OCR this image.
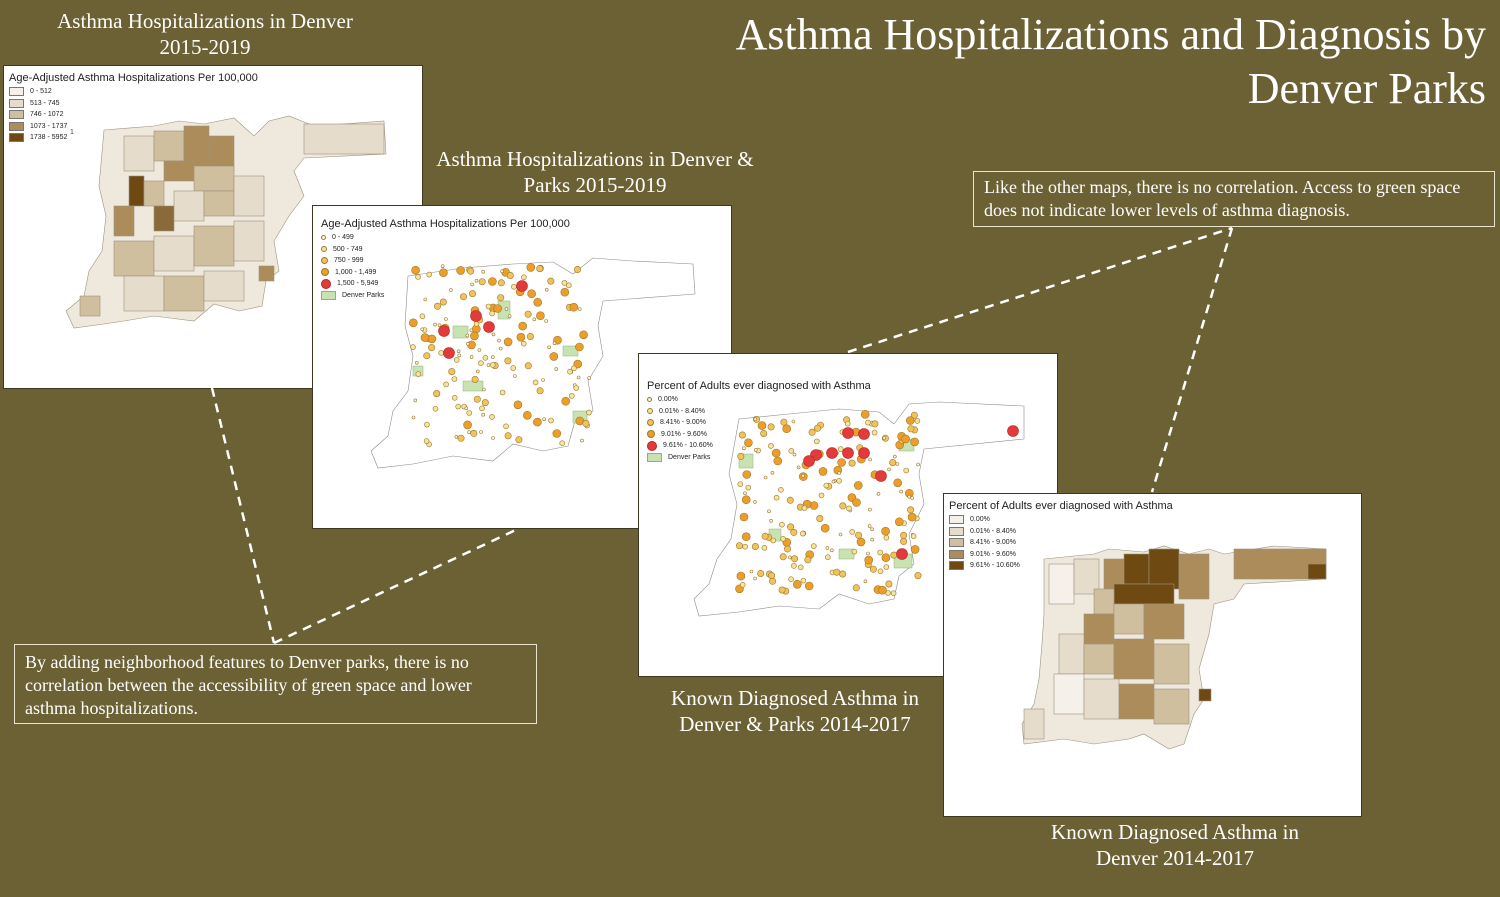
Asthma Hospitalizations and Diagnosis by Denver Parks
Asthma Hospitalizations in Denver 2015-2019
Asthma Hospitalizations in Denver & Parks 2015-2019
Known Diagnosed Asthma in Denver & Parks 2014-2017
Known Diagnosed Asthma in Denver 2014-2017
1
Age-Adjusted Asthma Hospitalizations Per 100,000
0 - 512
513 - 745
746 - 1072
1073 - 1737
1738 - 5952
Age-Adjusted Asthma Hospitalizations Per 100,000
0 - 499
500 - 749
750 - 999
1,000 - 1,499
1,500 - 5,949
Denver Parks
Percent of Adults ever diagnosed with Asthma
0.00%
0.01% - 8.40%
8.41% - 9.00%
9.01% - 9.60%
9.61% - 10.60%
Denver Parks
Percent of Adults ever diagnosed with Asthma
0.00%
0.01% - 8.40%
8.41% - 9.00%
9.01% - 9.60%
9.61% - 10.60%
By adding neighborhood features to Denver parks, there is no correlation between the accessibility of green space and lower asthma hospitalizations.
Like the other maps, there is no correlation. Access to green space does not indicate lower levels of asthma diagnosis.
